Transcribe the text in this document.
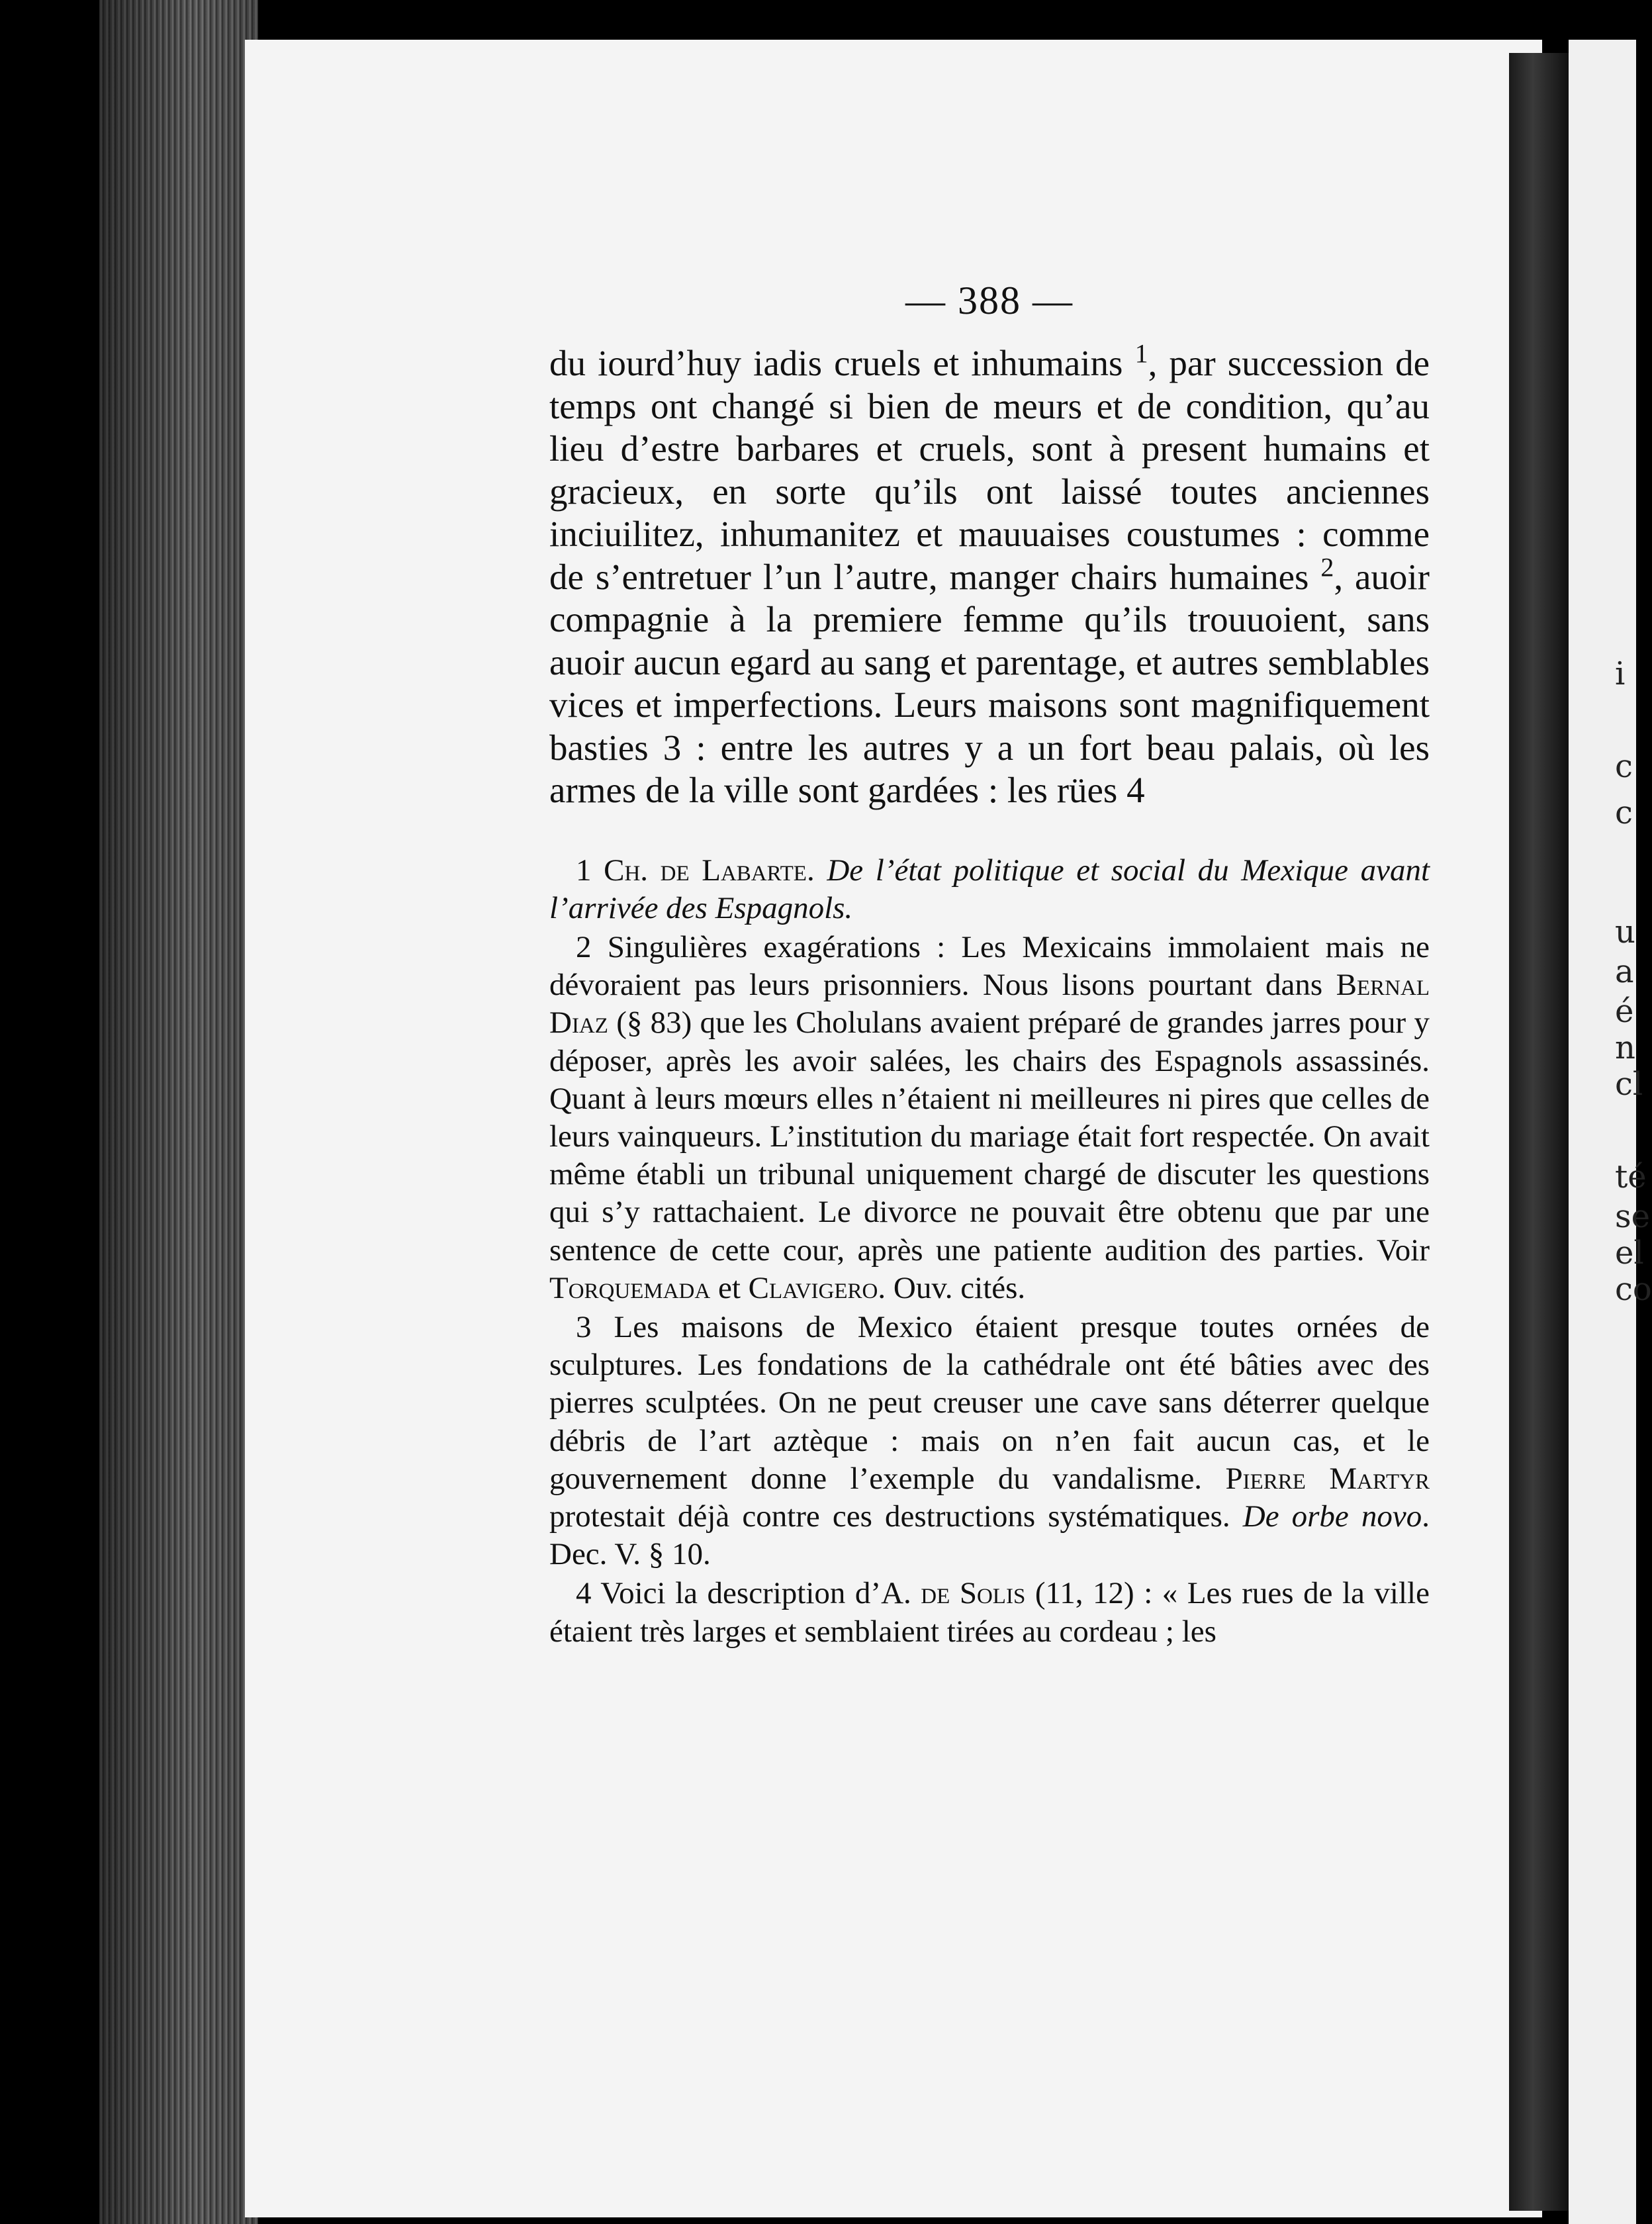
i
c
c
u
a
é
n
cl
té
se
el
co
— 388 —

du iourd’huy iadis cruels et inhumains $^1$, par succession de temps ont changé si bien de meurs et de condition, qu’au lieu d’estre barbares et cruels, sont à present humains et gracieux, en sorte qu’ils ont laissé toutes anciennes inciuilitez, inhumanitez et mauuaises coustumes : comme de s’entretuer l’un l’autre, manger chairs humaines $^2$, auoir compagnie à la premiere femme qu’ils trouuoient, sans auoir aucun egard au sang et parentage, et autres semblables vices et imperfections. Leurs maisons sont magnifiquement basties 3 : entre les autres y a un fort beau palais, où les armes de la ville sont gardées : les rües 4

1 Ch. de Labarte. De l’état politique et social du Mexique avant l’arrivée des Espagnols.

2 Singulières exagérations : Les Mexicains immolaient mais ne dévoraient pas leurs prisonniers. Nous lisons pourtant dans Bernal Diaz (§ 83) que les Cholulans avaient préparé de grandes jarres pour y déposer, après les avoir salées, les chairs des Espagnols assassinés. Quant à leurs mœurs elles n’étaient ni meilleures ni pires que celles de leurs vainqueurs. L’institution du mariage était fort respectée. On avait même établi un tribunal uniquement chargé de discuter les questions qui s’y rattachaient. Le divorce ne pouvait être obtenu que par une sentence de cette cour, après une patiente audition des parties. Voir Torquemada et Clavigero. Ouv. cités.

3 Les maisons de Mexico étaient presque toutes ornées de sculptures. Les fondations de la cathédrale ont été bâties avec des pierres sculptées. On ne peut creuser une cave sans déterrer quelque débris de l’art aztèque : mais on n’en fait aucun cas, et le gouvernement donne l’exemple du vandalisme. Pierre Martyr protestait déjà contre ces destructions systématiques. De orbe novo. Dec. V. § 10.

4 Voici la description d’A. de Solis (11, 12) : « Les rues de la ville étaient très larges et semblaient tirées au cordeau ; les
